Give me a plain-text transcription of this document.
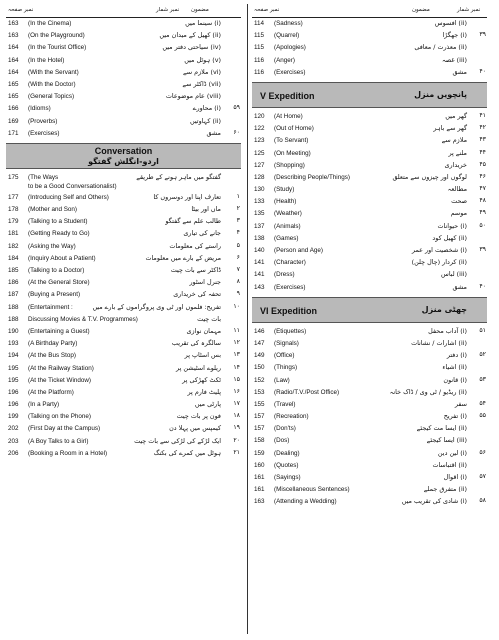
نمبر صفحہ	نمبر شمار مضمون
163 (In the Cinema)	(i) سینما میں
163 (On the Playground)	(ii) کھیل کے میدان میں
164 (In the Tourist Office)	(iv) سیاحتی دفتر میں
164 (In the Hotel)	(v) ہوٹل میں
164 (With the Servant)	(vi) ملازم سے
165 (With the Doctor)	(vii) ڈاکٹر سے
165 (General Topics)	(viii) عام موضوعات
166 (Idioms)	(i) محاورے ۵۹
169 (Proverbs)	(ii) کہاوتیں
171 (Exercises)	مشق ۶۰
Conversation
اردو-انگلش گفتگو
175 (The Ways
to be a Good Conversationalist)
گفتگو میں ماہر ہونے کے طریقے
177 (Introducing Self and Others)	تعارف اپنا اور دوسروں کا	۱
178 (Mother and Son)	ماں اور بیٹا	۲
179 (Talking to a Student)	طالب علم سے گفتگو	۳
181 (Getting Ready to Go)	جانے کی تیاری	۴
182 (Asking the Way)	راستے کی معلومات	۵
184 (Inquiry About a Patient)	مریض کے بارے میں معلومات	۶
185 (Talking to a Doctor)	ڈاکٹر سے بات چیت	۷
186 (At the General Store)	جنرل اسٹور	۸
187 (Buying a Present)	تحفہ کی خریداری	۹
188 (Entertainment :	تفریح: فلموں اور ٹی وی پروگراموں کے بارے میں ۱۰
188 Discussing Movies & T.V. Programmes)	بات چیت
190 (Entertaining a Guest)	مہمان نوازی ۱۱
193 (A Birthday Party)	سالگرہ کی تقریب ۱۲
194 (At the Bus Stop)	بس اسٹاپ پر ۱۳
195 (At the Railway Station)	ریلوے اسٹیشن پر ۱۴
195 (At the Ticket Window)	ٹکٹ کھڑکی پر ۱۵
196 (At the Platform)	پلیٹ فارم پر ۱۶
196 (In a Party)	پارٹی میں ۱۷
199 (Talking on the Phone)	فون پر بات چیت ۱۸
202 (First Day at the Campus)	کیمپس میں پہلا دن ۱۹
203 (A Boy Talks to a Girl)	ایک لڑکے کی لڑکی سے بات چیت ۲۰
206 (Booking a Room in a Hotel)	ہوٹل میں کمرے کی بکنگ ۲۱
نمبر صفحہ	مضمون	نمبر شمار
114 (Sadness)	(ii) افسوس
115 (Quarrel)	(i) جھگڑا ۳۹
115 (Apologies)	(ii) معذرت / معافی
116 (Anger)	(iii) غصہ
116 (Exercises)	مشق ۴۰
V Expedition	پانچویں منزل
120 (At Home)	گھر میں ۴۱
122 (Out of Home)	گھر سے باہر ۴۲
123 (To Servant)	ملازم سے ۴۳
125 (On Meeting)	ملنے پر ۴۴
127 (Shopping)	خریداری ۴۵
128 (Describing People/Things)	لوگوں اور چیزوں سے متعلق ۴۶
130 (Study)	مطالعہ ۴۷
133 (Health)	صحت ۴۸
135 (Weather)	موسم ۴۹
137 (Animals)	(i) حیوانات ۵۰
138 (Games)	(ii) کھیل کود
140 (Person and Age)	(i) شخصیت اور عمر ۳۹
141 (Character)	(ii) کردار (چال چلن)
141 (Dress)	(iii) لباس
143 (Exercises)	مشق ۴۰
VI Expedition	چھٹی منزل
146 (Etiquettes)	(i) آداب محفل ۵۱
147 (Signals)	(ii) اشارات / نشانات
149 (Office)	(i) دفتر ۵۲
150 (Things)	(ii) اشیاء
152 (Law)	(i) قانون ۵۳
153 (Radio/T.V./Post Office)	(ii) ریڈیو / ٹی وی / ڈاک خانہ
155 (Travel)	سفر ۵۴
157 (Recreation)	(i) تفریح ۵۵
157 (Don'ts)	(ii) ایسا مت کیجئے
158 (Dos)	(iii) ایسا کیجئے
159 (Dealing)	(i) لین دین ۵۶
160 (Quotes)	(ii) اقتباسات
161 (Sayings)	(i) اقوال ۵۷
161 (Miscellaneous Sentences)	(ii) متفرق جملے
163 (Attending a Wedding)	(i) شادی کی تقریب میں ۵۸
